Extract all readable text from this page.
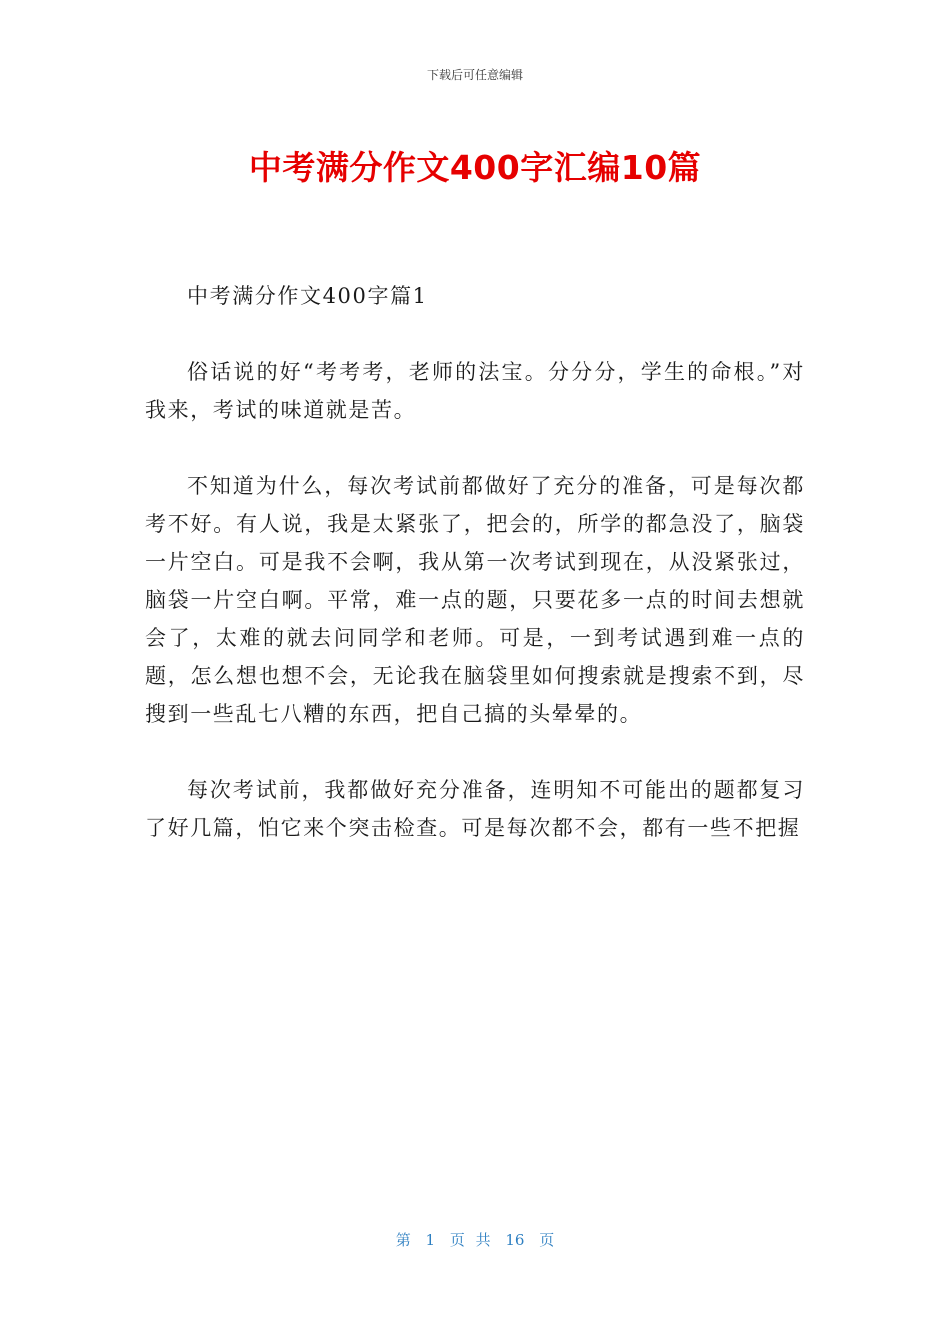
下载后可任意编辑
中考满分作文400字汇编10篇

中考满分作文400字篇1

俗话说的好“考考考，老师的法宝。分分分，学生的命根。”对我来，考试的味道就是苦。

不知道为什么，每次考试前都做好了充分的准备，可是每次都考不好。有人说，我是太紧张了，把会的，所学的都急没了，脑袋一片空白。可是我不会啊，我从第一次考试到现在，从没紧张过，脑袋一片空白啊。平常，难一点的题，只要花多一点的时间去想就会了，太难的就去问同学和老师。可是，一到考试遇到难一点的题，怎么想也想不会，无论我在脑袋里如何搜索就是搜索不到，尽搜到一些乱七八糟的东西，把自己搞的头晕晕的。

每次考试前，我都做好充分准备，连明知不可能出的题都复习了好几篇，怕它来个突击检查。可是每次都不会，都有一些不把握

第 1 页 共 16 页
